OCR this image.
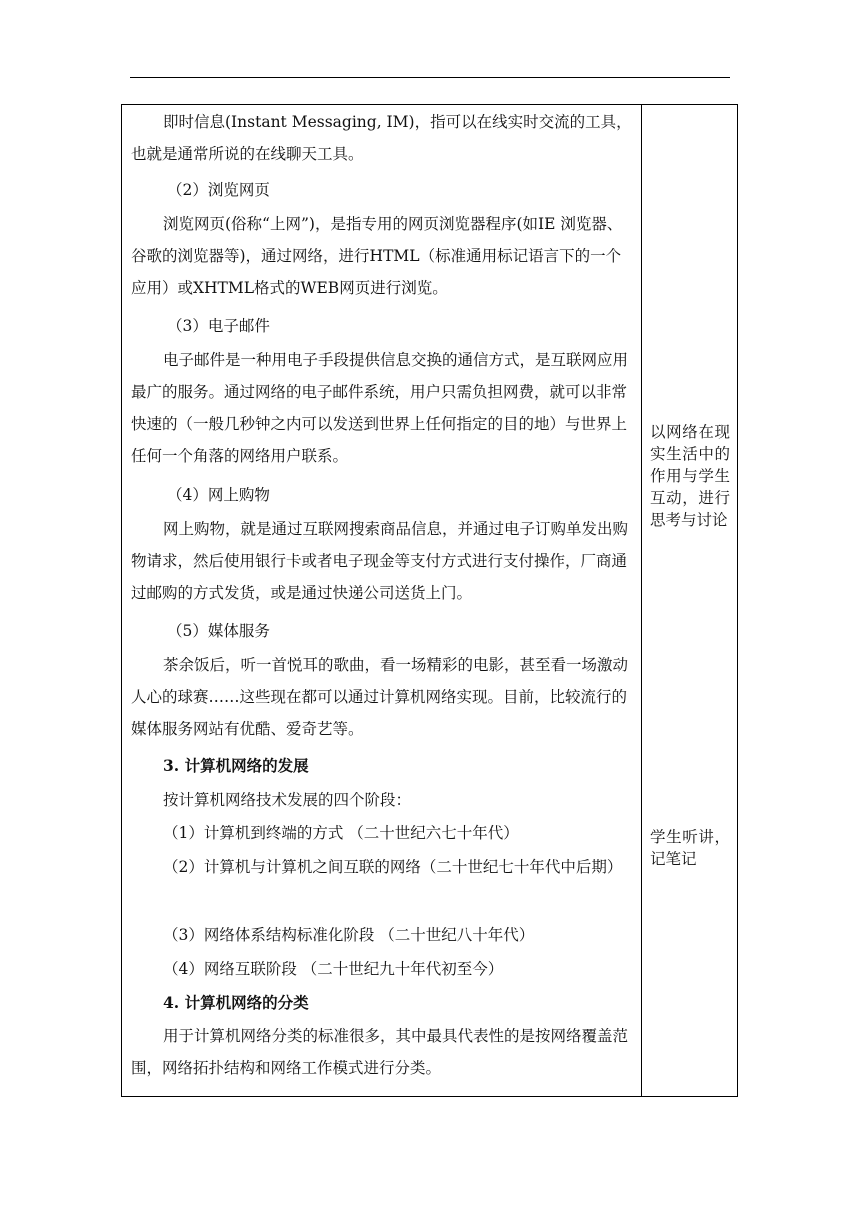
即时信息(Instant Messaging, IM)，指可以在线实时交流的工具，也就是通常所说的在线聊天工具。

（2）浏览网页

浏览网页(俗称“上网”)，是指专用的网页浏览器程序(如IE 浏览器、谷歌的浏览器等)，通过网络，进行HTML（标准通用标记语言下的一个应用）或XHTML格式的WEB网页进行浏览。

（3）电子邮件

电子邮件是一种用电子手段提供信息交换的通信方式，是互联网应用最广的服务。通过网络的电子邮件系统，用户只需负担网费，就可以非常快速的（一般几秒钟之内可以发送到世界上任何指定的目的地）与世界上任何一个角落的网络用户联系。

（4）网上购物

网上购物，就是通过互联网搜索商品信息，并通过电子订购单发出购物请求，然后使用银行卡或者电子现金等支付方式进行支付操作，厂商通过邮购的方式发货，或是通过快递公司送货上门。

（5）媒体服务

茶余饭后，听一首悦耳的歌曲，看一场精彩的电影，甚至看一场激动人心的球赛……这些现在都可以通过计算机网络实现。目前，比较流行的媒体服务网站有优酷、爱奇艺等。

3. 计算机网络的发展

按计算机网络技术发展的四个阶段：

（1）计算机到终端的方式 （二十世纪六七十年代）

（2）计算机与计算机之间互联的网络（二十世纪七十年代中后期）

（3）网络体系结构标准化阶段 （二十世纪八十年代）

（4）网络互联阶段 （二十世纪九十年代初至今）

4. 计算机网络的分类

用于计算机网络分类的标准很多，其中最具代表性的是按网络覆盖范围，网络拓扑结构和网络工作模式进行分类。

以网络在现实生活中的作用与学生互动，进行思考与讨论

学生听讲，记笔记
